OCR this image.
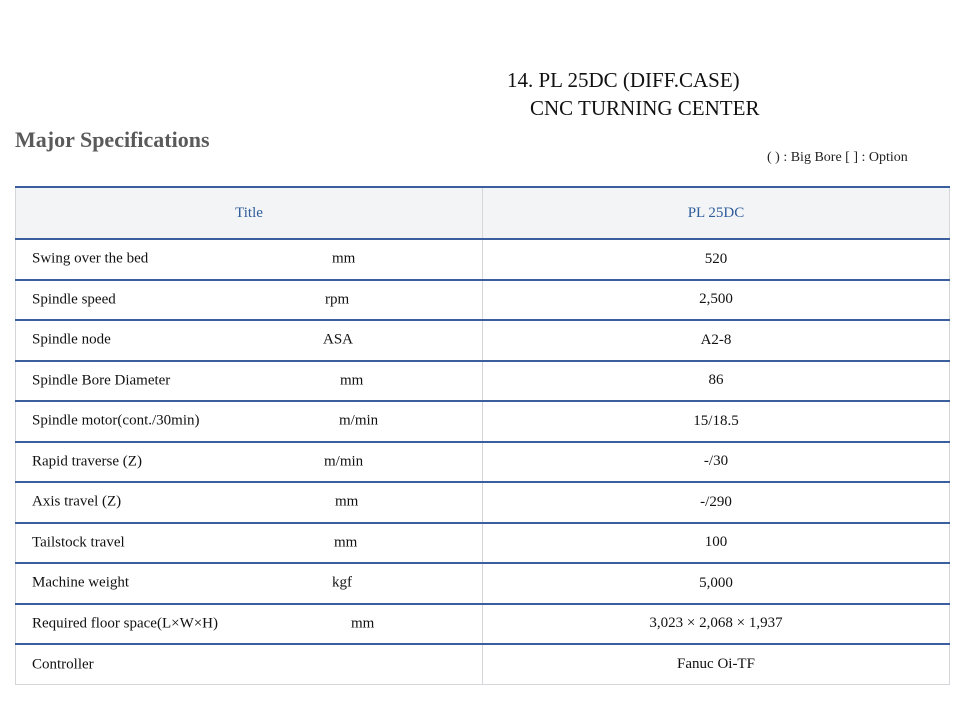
14. PL 25DC (DIFF.CASE)
CNC TURNING CENTER
Major Specifications
( ) : Big Bore [ ] : Option
Title	PL 25DC

Swing over the bed mm	520

Spindle speed rpm	2,500

Spindle node ASA	A2-8

Spindle Bore Diameter mm	86

Spindle motor(cont./30min) m/min	15/18.5

Rapid traverse (Z) m/min	-/30

Axis travel (Z) mm	-/290

Tailstock travel mm	100

Machine weight kgf	5,000

Required floor space(L×W×H) mm	3,023 × 2,068 × 1,937

Controller	Fanuc Oi-TF
